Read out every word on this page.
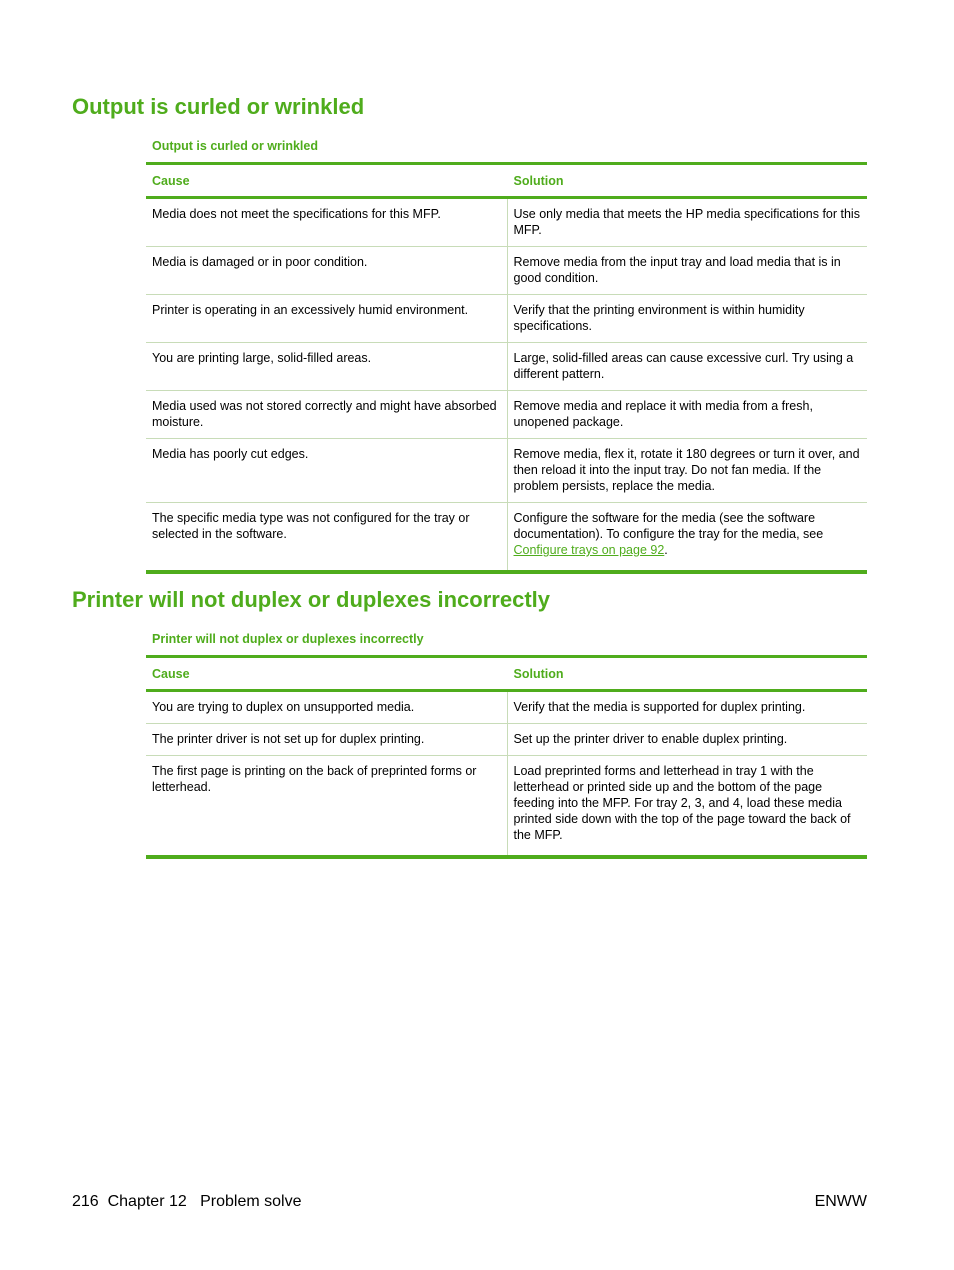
Output is curled or wrinkled
Output is curled or wrinkled
Cause	Solution
Media does not meet the specifications for this MFP.	Use only media that meets the HP media specifications for this MFP.
Media is damaged or in poor condition.	Remove media from the input tray and load media that is in good condition.
Printer is operating in an excessively humid environment.	Verify that the printing environment is within humidity specifications.
You are printing large, solid-filled areas.	Large, solid-filled areas can cause excessive curl. Try using a different pattern.
Media used was not stored correctly and might have absorbed moisture.	Remove media and replace it with media from a fresh, unopened package.
Media has poorly cut edges.	Remove media, flex it, rotate it 180 degrees or turn it over, and then reload it into the input tray. Do not fan media. If the problem persists, replace the media.
The specific media type was not configured for the tray or selected in the software.	Configure the software for the media (see the software documentation). To configure the tray for the media, see Configure trays on page 92.
Printer will not duplex or duplexes incorrectly
Printer will not duplex or duplexes incorrectly
Cause	Solution
You are trying to duplex on unsupported media.	Verify that the media is supported for duplex printing.
The printer driver is not set up for duplex printing.	Set up the printer driver to enable duplex printing.
The first page is printing on the back of preprinted forms or letterhead.	Load preprinted forms and letterhead in tray 1 with the letterhead or printed side up and the bottom of the page feeding into the MFP. For tray 2, 3, and 4, load these media printed side down with the top of the page toward the back of the MFP.
216 Chapter 12 Problem solve	ENWW
